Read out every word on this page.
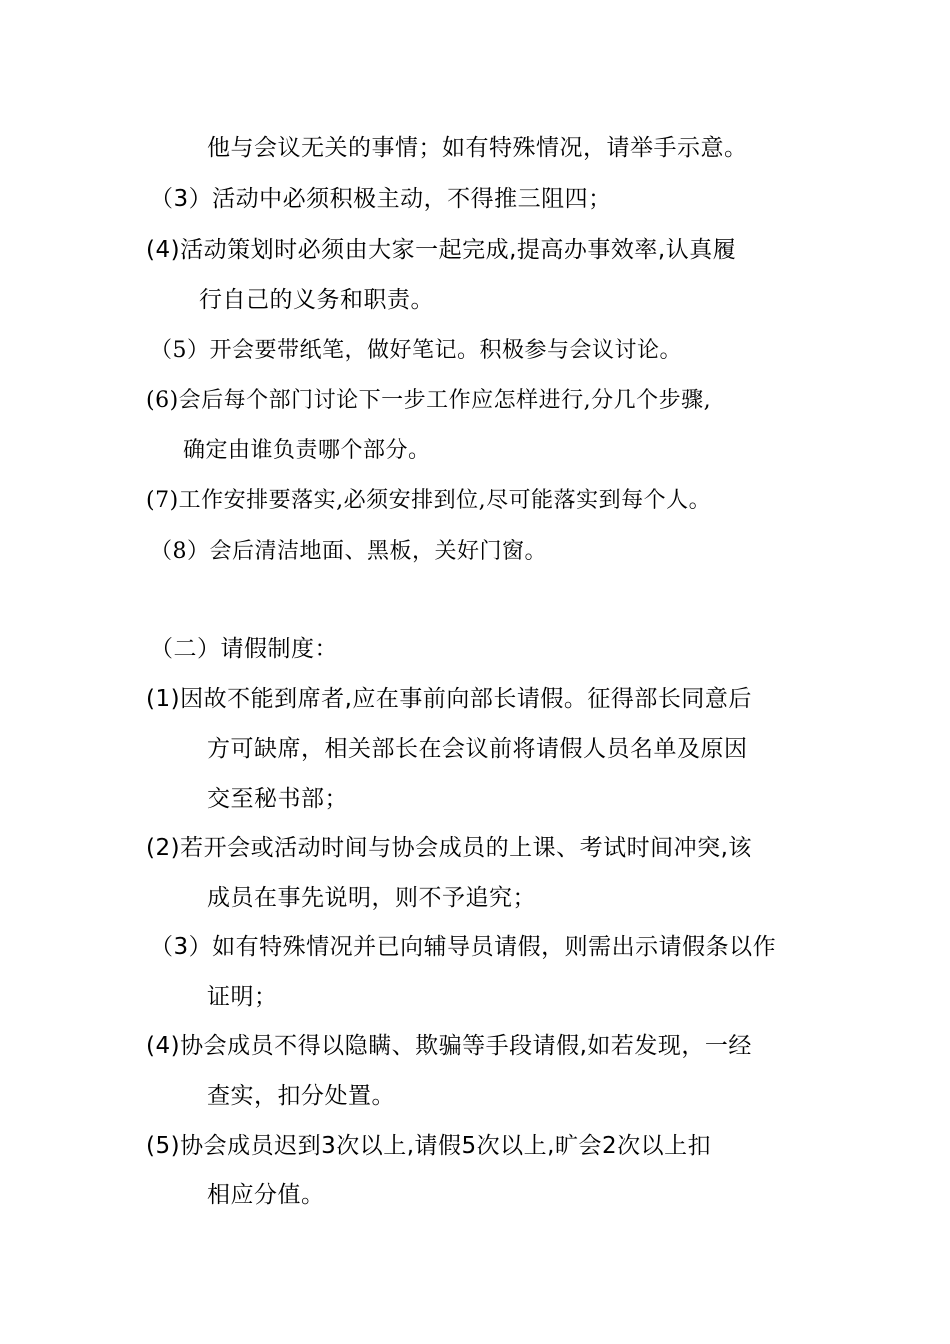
他与会议无关的事情；如有特殊情况，请举手示意。
（3）活动中必须积极主动，不得推三阻四；
(4)活动策划时必须由大家一起完成,提高办事效率,认真履
行自己的义务和职责。
（5）开会要带纸笔，做好笔记。积极参与会议讨论。
(6)会后每个部门讨论下一步工作应怎样进行,分几个步骤,
确定由谁负责哪个部分。
(7)工作安排要落实,必须安排到位,尽可能落实到每个人。
（8）会后清洁地面、黑板，关好门窗。
（二）请假制度：
(1)因故不能到席者,应在事前向部长请假。征得部长同意后
方可缺席，相关部长在会议前将请假人员名单及原因
交至秘书部；
(2)若开会或活动时间与协会成员的上课、考试时间冲突,该
成员在事先说明，则不予追究；
（3）如有特殊情况并已向辅导员请假，则需出示请假条以作
证明；
(4)协会成员不得以隐瞒、欺骗等手段请假,如若发现，一经
查实，扣分处置。
(5)协会成员迟到3次以上,请假5次以上,旷会2次以上扣
相应分值。
